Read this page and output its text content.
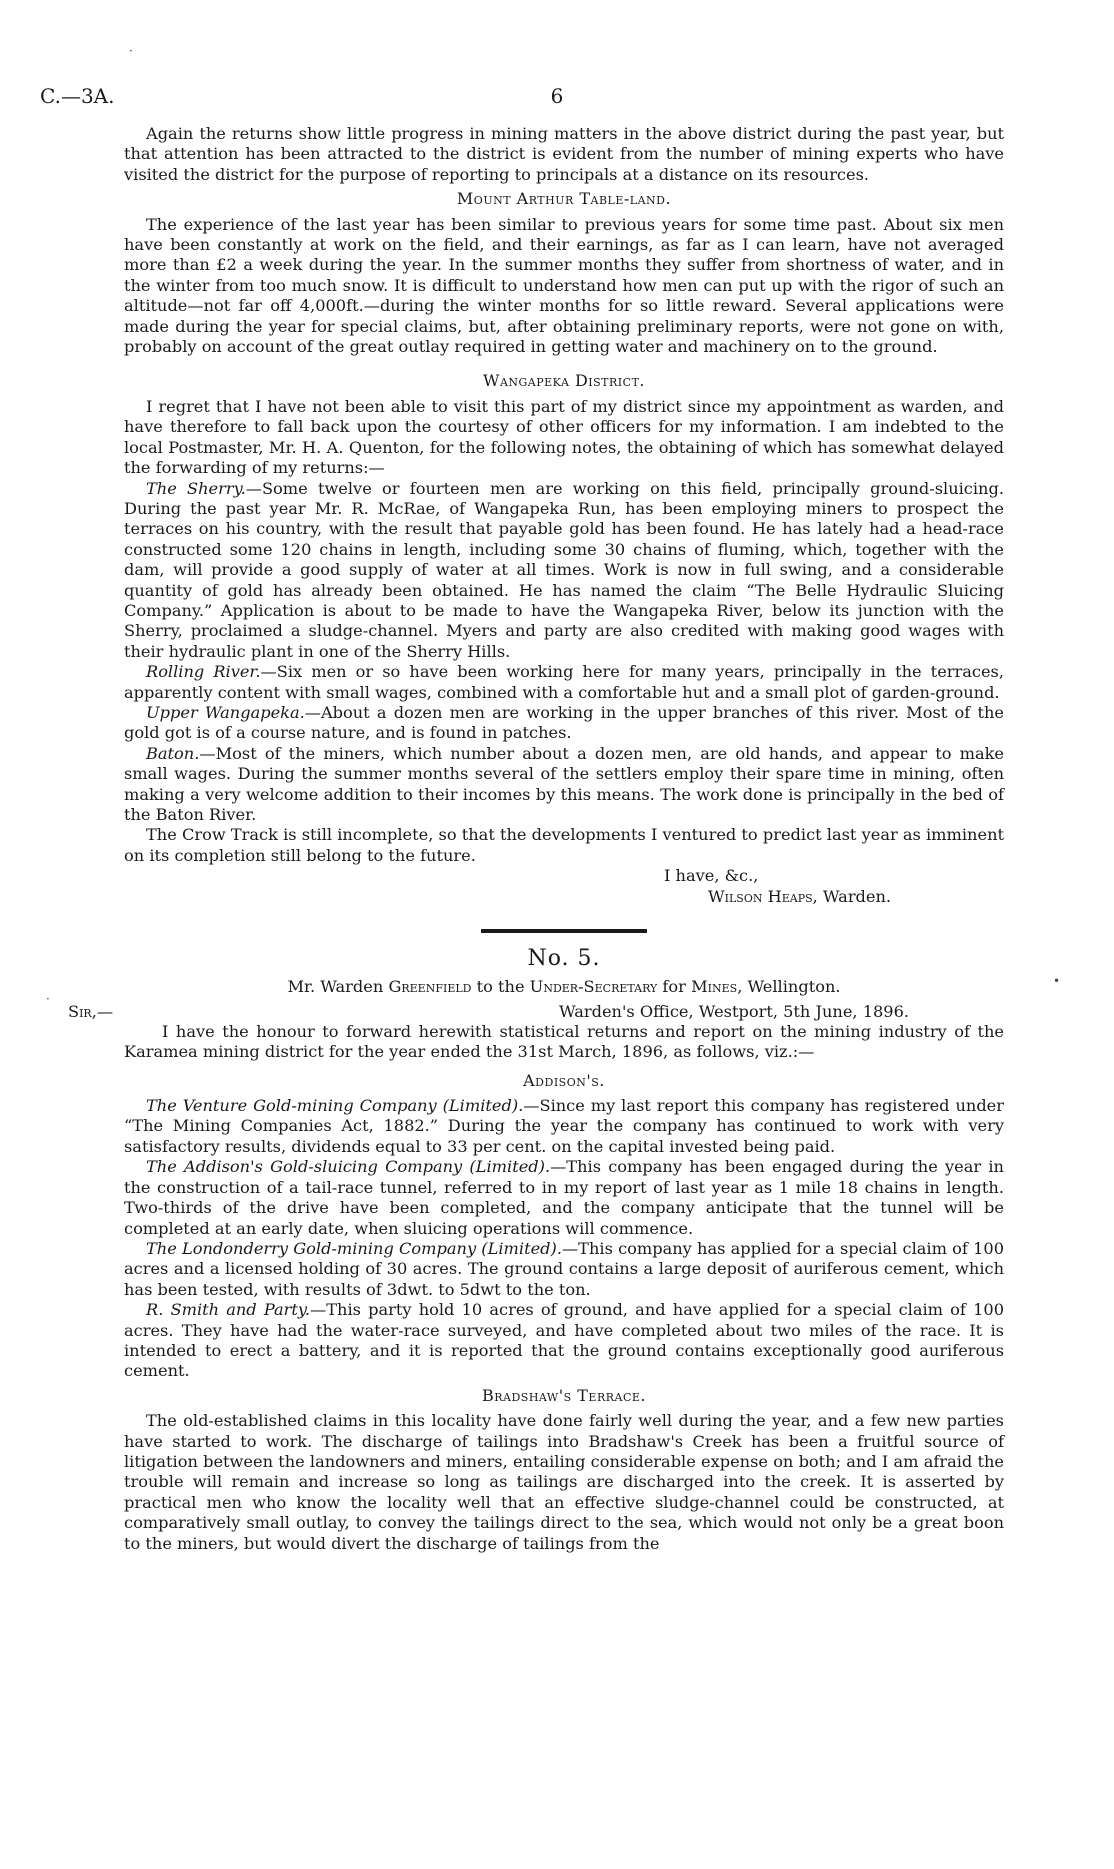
C.—3A.	6
·
•
·

Again the returns show little progress in mining matters in the above district during the past year, but that attention has been attracted to the district is evident from the number of mining experts who have visited the district for the purpose of reporting to principals at a distance on its resources.

Mount Arthur Table-land.

The experience of the last year has been similar to previous years for some time past. About six men have been constantly at work on the field, and their earnings, as far as I can learn, have not averaged more than £2 a week during the year. In the summer months they suffer from shortness of water, and in the winter from too much snow. It is difficult to understand how men can put up with the rigor of such an altitude—not far off 4,000ft.—during the winter months for so little reward. Several applications were made during the year for special claims, but, after obtaining preliminary reports, were not gone on with, probably on account of the great outlay required in getting water and machinery on to the ground.

Wangapeka District.

I regret that I have not been able to visit this part of my district since my appointment as warden, and have therefore to fall back upon the courtesy of other officers for my information. I am indebted to the local Postmaster, Mr. H. A. Quenton, for the following notes, the obtaining of which has somewhat delayed the forwarding of my returns:—

The Sherry.—Some twelve or fourteen men are working on this field, principally ground-sluicing. During the past year Mr. R. McRae, of Wangapeka Run, has been employing miners to prospect the terraces on his country, with the result that payable gold has been found. He has lately had a head-race constructed some 120 chains in length, including some 30 chains of fluming, which, together with the dam, will provide a good supply of water at all times. Work is now in full swing, and a considerable quantity of gold has already been obtained. He has named the claim “The Belle Hydraulic Sluicing Company.” Application is about to be made to have the Wangapeka River, below its junction with the Sherry, proclaimed a sludge-channel. Myers and party are also credited with making good wages with their hydraulic plant in one of the Sherry Hills.

Rolling River.—Six men or so have been working here for many years, principally in the terraces, apparently content with small wages, combined with a comfortable hut and a small plot of garden-ground.

Upper Wangapeka.—About a dozen men are working in the upper branches of this river. Most of the gold got is of a course nature, and is found in patches.

Baton.—Most of the miners, which number about a dozen men, are old hands, and appear to make small wages. During the summer months several of the settlers employ their spare time in mining, often making a very welcome addition to their incomes by this means. The work done is principally in the bed of the Baton River.

The Crow Track is still incomplete, so that the developments I ventured to predict last year as imminent on its completion still belong to the future.

I have, &c.,
Wilson Heaps, Warden.
No. 5.
Mr. Warden Greenfield to the Under-Secretary for Mines, Wellington.
Sir,—	Warden's Office, Westport, 5th June, 1896.

I have the honour to forward herewith statistical returns and report on the mining industry of the Karamea mining district for the year ended the 31st March, 1896, as follows, viz.:—

Addison's.

The Venture Gold-mining Company (Limited).—Since my last report this company has registered under “The Mining Companies Act, 1882.” During the year the company has continued to work with very satisfactory results, dividends equal to 33 per cent. on the capital invested being paid.

The Addison's Gold-sluicing Company (Limited).—This company has been engaged during the year in the construction of a tail-race tunnel, referred to in my report of last year as 1 mile 18 chains in length. Two-thirds of the drive have been completed, and the company anticipate that the tunnel will be completed at an early date, when sluicing operations will commence.

The Londonderry Gold-mining Company (Limited).—This company has applied for a special claim of 100 acres and a licensed holding of 30 acres. The ground contains a large deposit of auriferous cement, which has been tested, with results of 3dwt. to 5dwt to the ton.

R. Smith and Party.—This party hold 10 acres of ground, and have applied for a special claim of 100 acres. They have had the water-race surveyed, and have completed about two miles of the race. It is intended to erect a battery, and it is reported that the ground contains exceptionally good auriferous cement.

Bradshaw's Terrace.

The old-established claims in this locality have done fairly well during the year, and a few new parties have started to work. The discharge of tailings into Bradshaw's Creek has been a fruitful source of litigation between the landowners and miners, entailing considerable expense on both; and I am afraid the trouble will remain and increase so long as tailings are discharged into the creek. It is asserted by practical men who know the locality well that an effective sludge-channel could be constructed, at comparatively small outlay, to convey the tailings direct to the sea, which would not only be a great boon to the miners, but would divert the discharge of tailings from the
